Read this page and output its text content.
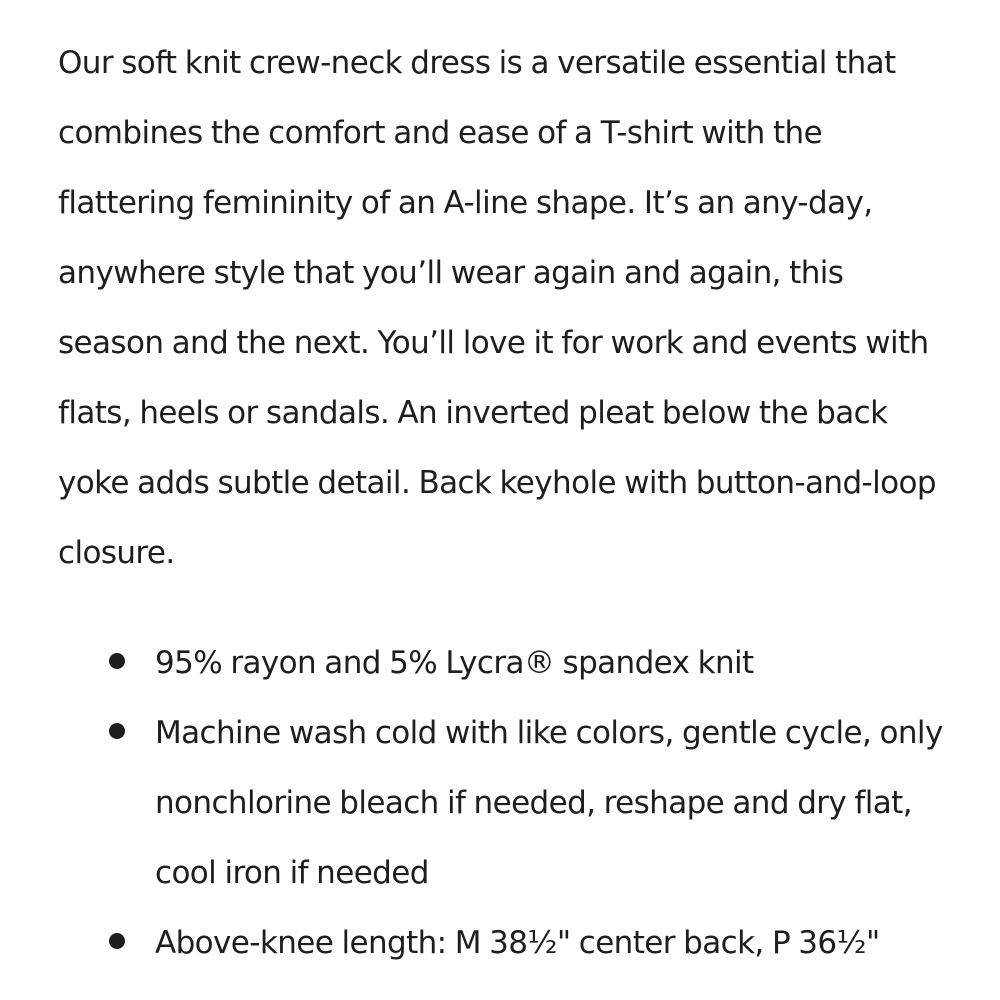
Our soft knit crew-neck dress is a versatile essential that combines the comfort and ease of a T-shirt with the flattering femininity of an A-line shape. It’s an any-day, anywhere style that you’ll wear again and again, this season and the next. You’ll love it for work and events with flats, heels or sandals. An inverted pleat below the back yoke adds subtle detail. Back keyhole with button-and-loop closure.

95% rayon and 5% Lycra® spandex knit
Machine wash cold with like colors, gentle cycle, only nonchlorine bleach if needed, reshape and dry flat, cool iron if needed
Above-knee length: M 38½" center back, P 36½"
